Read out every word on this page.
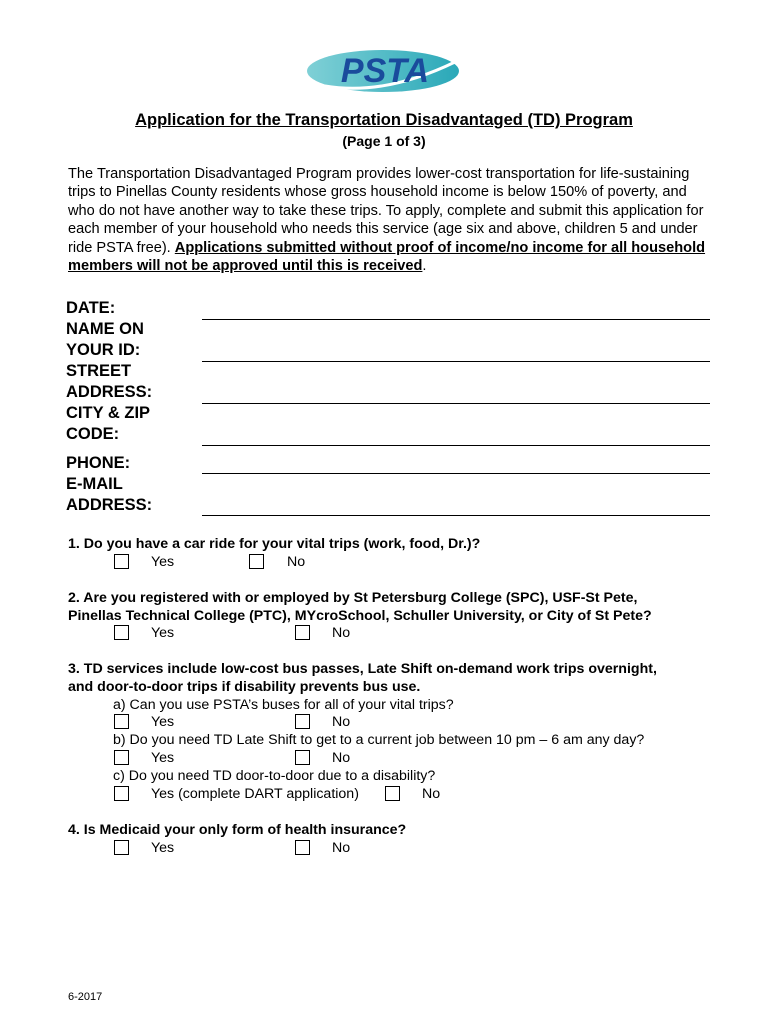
PSTA
Application for the Transportation Disadvantaged (TD) Program
(Page 1 of 3)
The Transportation Disadvantaged Program provides lower-cost transportation for life-sustaining trips to Pinellas County residents whose gross household income is below 150% of poverty, and who do not have another way to take these trips. To apply, complete and submit this application for each member of your household who needs this service (age six and above, children 5 and under ride PSTA free). Applications submitted without proof of income/no income for all household members will not be approved until this is received.
DATE:
NAME ON
YOUR ID:
STREET
ADDRESS:
CITY & ZIP
CODE:
PHONE:
E-MAIL
ADDRESS:
1. Do you have a car ride for your vital trips (work, food, Dr.)?
Yes	No
2. Are you registered with or employed by St Petersburg College (SPC), USF-St Pete,
Pinellas Technical College (PTC), MYcroSchool, Schuller University, or City of St Pete?
Yes	No
3. TD services include low-cost bus passes, Late Shift on-demand work trips overnight,
and door-to-door trips if disability prevents bus use.
a) Can you use PSTA’s buses for all of your vital trips?
Yes	No
b) Do you need TD Late Shift to get to a current job between 10 pm – 6 am any day?
Yes	No
c) Do you need TD door-to-door due to a disability?
Yes (complete DART application)	No
4. Is Medicaid your only form of health insurance?
Yes	No
6-2017
